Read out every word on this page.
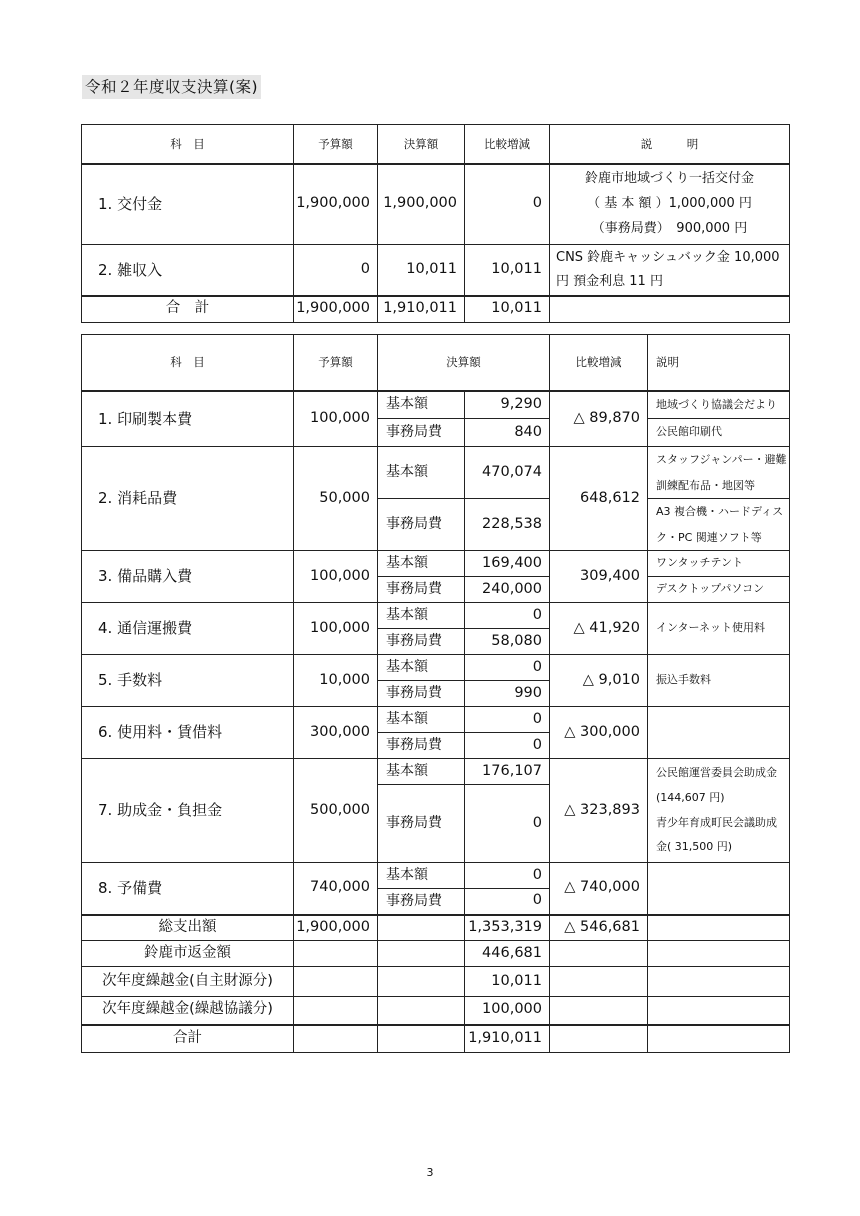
令和２年度収支決算(案)
科　目	予算額	決算額	比較増減	説　　　明
1. 交付金	1,900,000	1,900,000	0	鈴鹿市地域づくり一括交付金
（ 基 本 額 ）1,000,000 円
（事務局費）　900,000 円

2. 雑収入	0	10,011	10,011	CNS 鈴鹿キャッシュバック金 10,000
円 預金利息 11 円

合　計	1,900,000	1,910,011	10,011	
科　目	予算額	決算額		比較増減	説明
1. 印刷製本費	100,000	基本額	9,290	△ 89,870	地域づくり協議会だより
		事務局費	840		公民館印刷代
2. 消耗品費	50,000	基本額	470,074	648,612	スタッフジャンパー・避難訓練配布品・地図等
		事務局費	228,538		A3 複合機・ハードディスク・PC 関連ソフト等
3. 備品購入費	100,000	基本額	169,400	309,400	ワンタッチテント
		事務局費	240,000		デスクトップパソコン
4. 通信運搬費	100,000	基本額	0	△ 41,920	インターネット使用料
		事務局費	58,080		
5. 手数料	10,000	基本額	0	△ 9,010	振込手数料
		事務局費	990		
6. 使用料・賃借料	300,000	基本額	0	△ 300,000	
		事務局費	0		
7. 助成金・負担金	500,000	基本額	176,107	△ 323,893	公民館運営委員会助成金
(144,607 円)
青少年育成町民会議助成
金( 31,500 円)

		事務局費	0		
8. 予備費	740,000	基本額	0	△ 740,000	
		事務局費	0		
総支出額	1,900,000		1,353,319	△ 546,681	
鈴鹿市返金額			446,681		
次年度繰越金(自主財源分)			10,011		
次年度繰越金(繰越協議分)			100,000		
合計			1,910,011		
3
